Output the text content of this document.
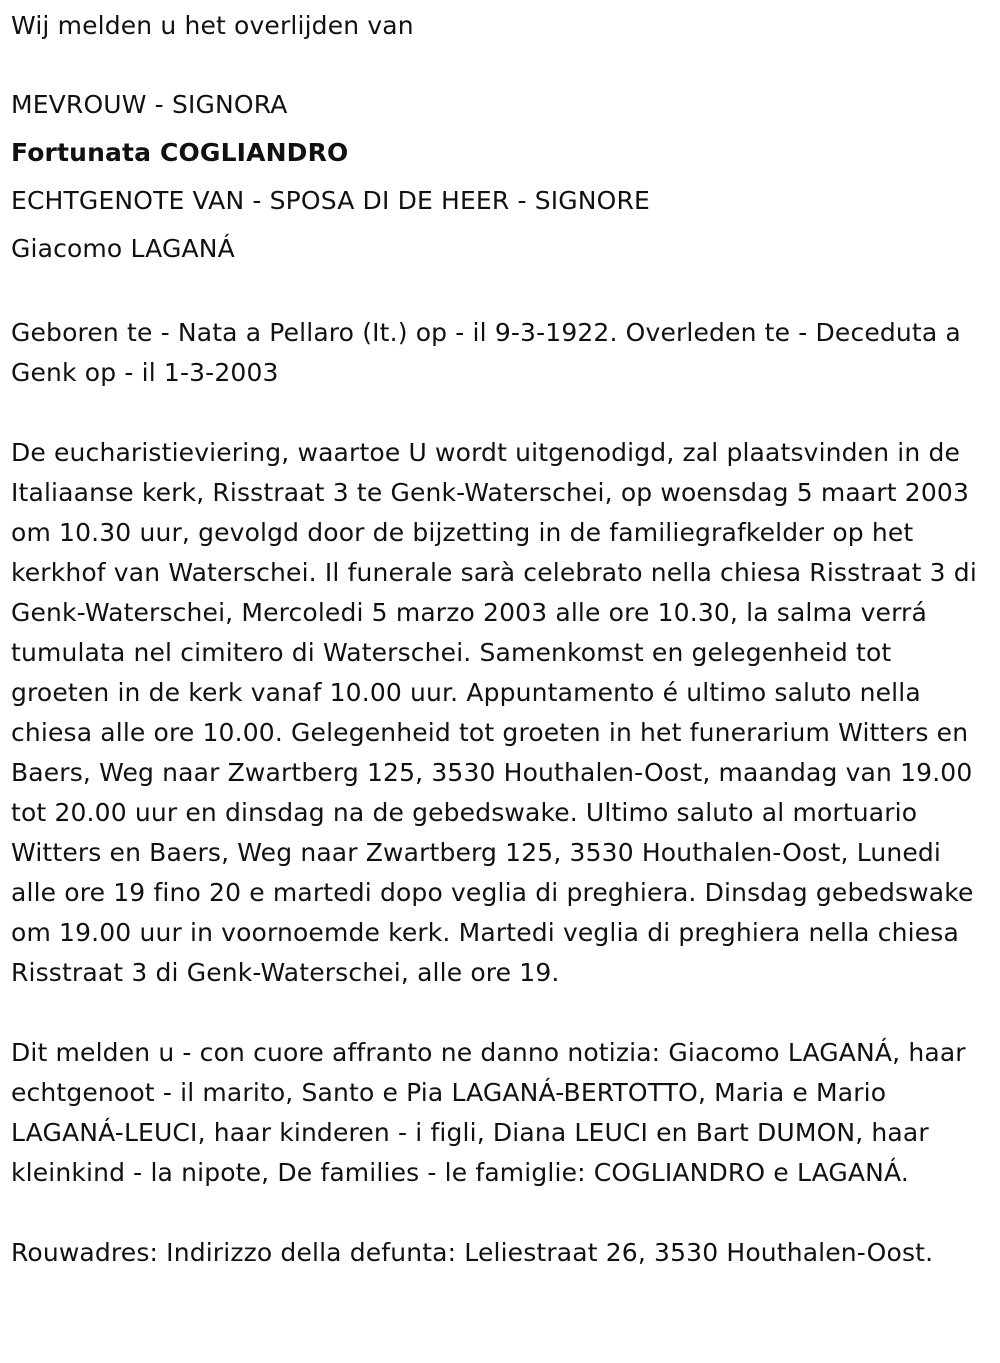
Wij melden u het overlijden van

MEVROUW - SIGNORA

Fortunata COGLIANDRO

ECHTGENOTE VAN - SPOSA DI DE HEER - SIGNORE

Giacomo LAGANÁ

Geboren te - Nata a Pellaro (It.) op - il 9-3-1922. Overleden te - Deceduta a Genk op - il 1-3-2003

De eucharistieviering, waartoe U wordt uitgenodigd, zal plaatsvinden in de Italiaanse kerk, Risstraat 3 te Genk-Waterschei, op woensdag 5 maart 2003 om 10.30 uur, gevolgd door de bijzetting in de familiegrafkelder op het kerkhof van Waterschei. Il funerale sarà celebrato nella chiesa Risstraat 3 di Genk-Waterschei, Mercoledi 5 marzo 2003 alle ore 10.30, la salma verrá tumulata nel cimitero di Waterschei. Samenkomst en gelegenheid tot groeten in de kerk vanaf 10.00 uur. Appuntamento é ultimo saluto nella chiesa alle ore 10.00. Gelegenheid tot groeten in het funerarium Witters en Baers, Weg naar Zwartberg 125, 3530 Houthalen-Oost, maandag van 19.00 tot 20.00 uur en dinsdag na de gebedswake. Ultimo saluto al mortuario Witters en Baers, Weg naar Zwartberg 125, 3530 Houthalen-Oost, Lunedi alle ore 19 fino 20 e martedi dopo veglia di preghiera. Dinsdag gebedswake om 19.00 uur in voornoemde kerk. Martedi veglia di preghiera nella chiesa Risstraat 3 di Genk-Waterschei, alle ore 19.

Dit melden u - con cuore affranto ne danno notizia: Giacomo LAGANÁ, haar echtgenoot - il marito, Santo e Pia LAGANÁ-BERTOTTO, Maria e Mario LAGANÁ-LEUCI, haar kinderen - i figli, Diana LEUCI en Bart DUMON, haar kleinkind - la nipote, De families - le famiglie: COGLIANDRO e LAGANÁ.

Rouwadres: Indirizzo della defunta: Leliestraat 26, 3530 Houthalen-Oost.
